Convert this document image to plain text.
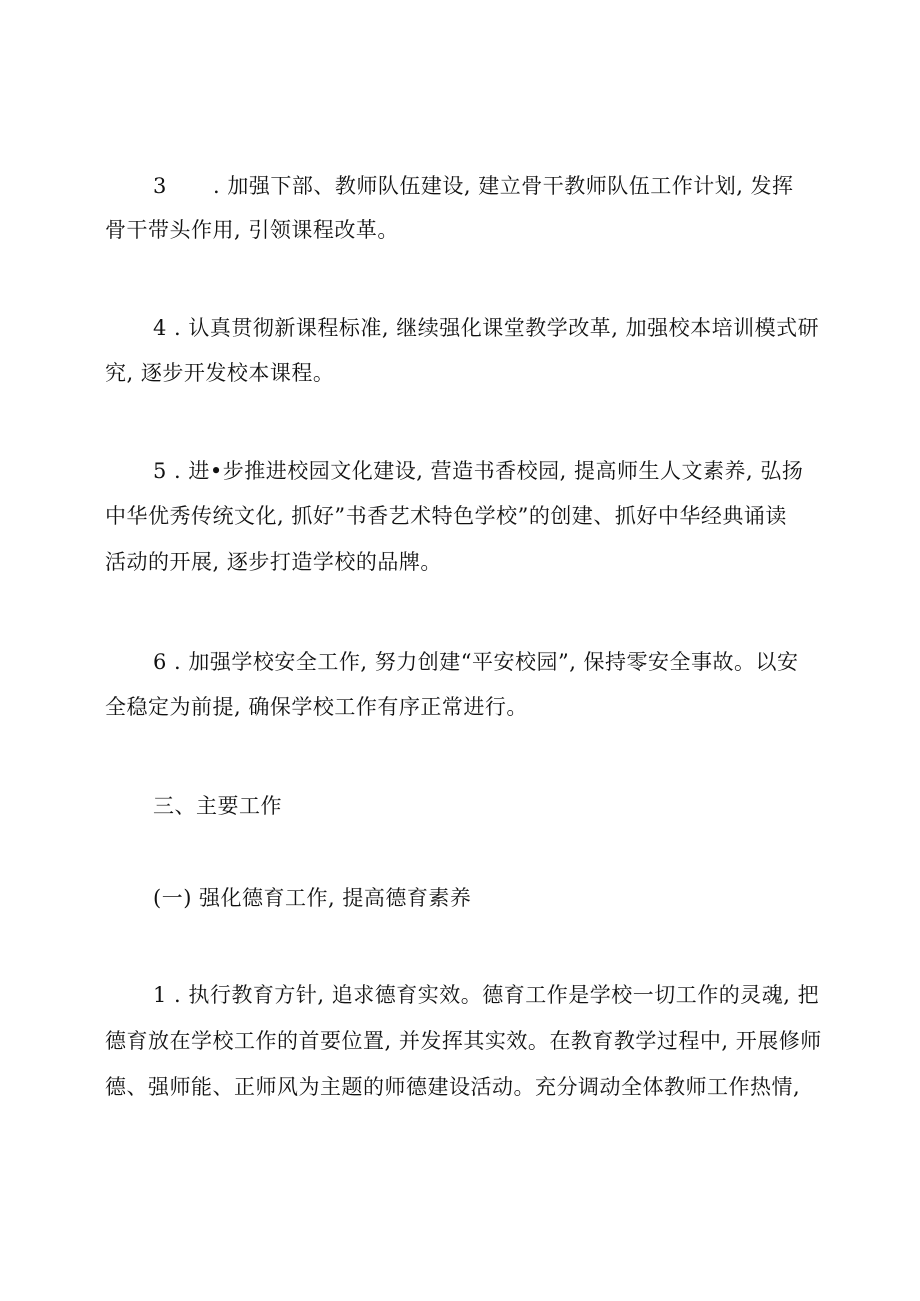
3 . 加强下部、教师队伍建设, 建立骨干教师队伍工作计划, 发挥
骨干带头作用, 引领课程改革。
4 . 认真贯彻新课程标准, 继续强化课堂教学改革, 加强校本培训模式研
究, 逐步开发校本课程。
5 . 进•步推进校园文化建设, 营造书香校园, 提高师生人文素养, 弘扬
中华优秀传统文化, 抓好”书香艺术特色学校”的创建、抓好中华经典诵读
活动的开展, 逐步打造学校的品牌。
6 . 加强学校安全工作, 努力创建“平安校园”, 保持零安全事故。以安
全稳定为前提, 确保学校工作有序正常进行。
三、主要工作
(一) 强化德育工作, 提高德育素养
1 . 执行教育方针, 追求德育实效。德育工作是学校一切工作的灵魂, 把
德育放在学校工作的首要位置, 并发挥其实效。在教育教学过程中, 开展修师
德、强师能、正师风为主题的师德建设活动。充分调动全体教师工作热情,
